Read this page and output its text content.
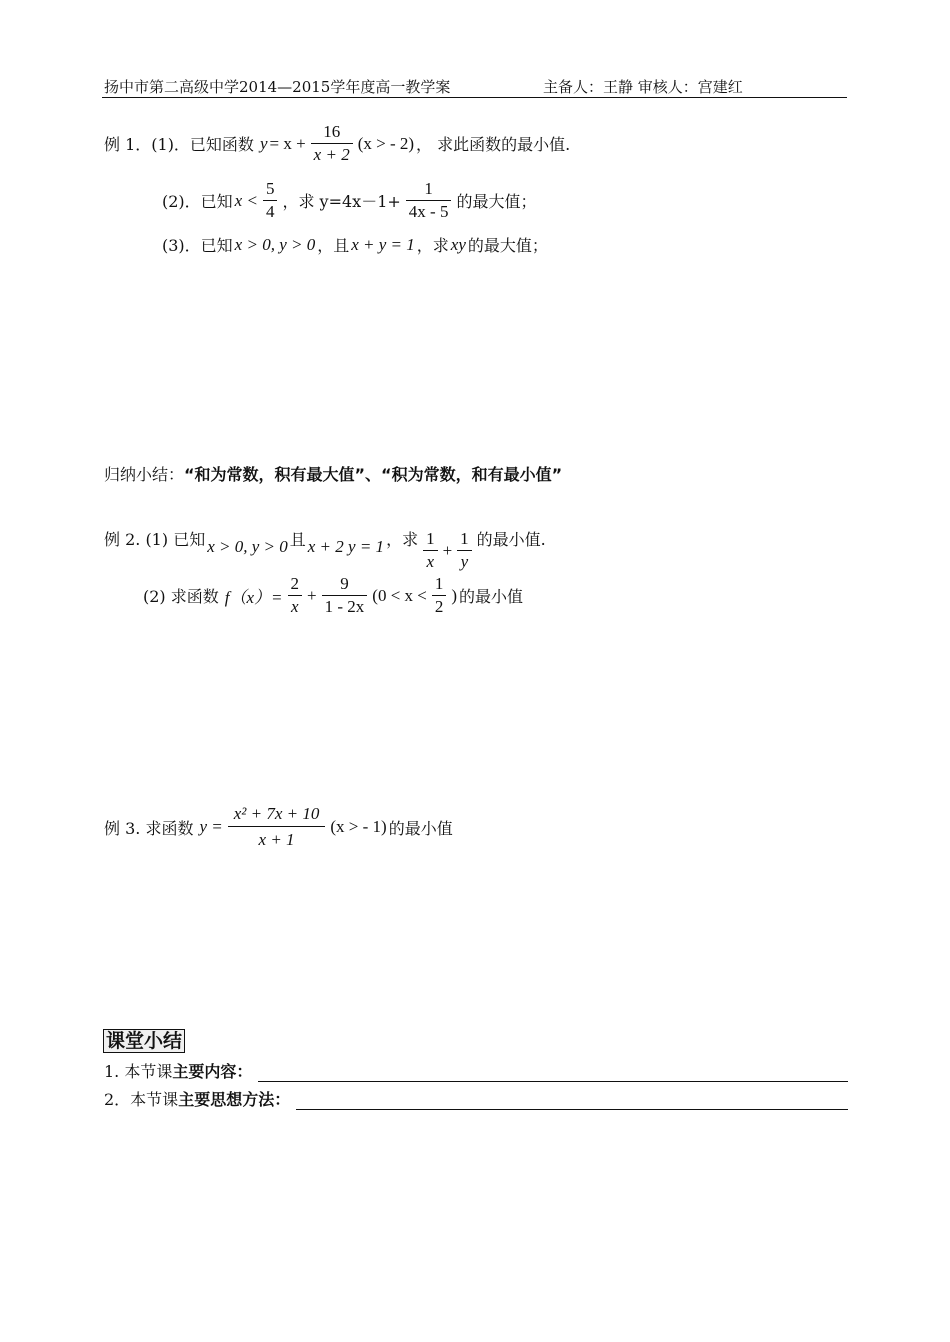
扬中市第二高级中学2014—2015学年度高一教学案	主备人：王静 审核人：宫建红
例 1．(1)．已知函数 $y = x + \frac{16}{x + 2} (x$ > - 2) ， 求此函数的最小值.
(2)．已知 $x < \frac{5}{4}$ ，求 $y=4x-1+ \frac{1}{4x - 5}$ 的最大值；
(3)．已知 x > 0, y > 0 ，且 x + y = 1 ，求 xy 的最大值；
归纳小结：“和为常数，积有最大值”、“积为常数，和有最小值”
例 2. (1) 已知 x > 0, y > 0 且 x + 2 y = 1 ，求 $\frac{1}{x} + \frac{1}{y}$ 的最小值.
(2) 求函数 $f(x)= \frac{2}{x} + \frac{9}{1 - 2x} (0 < x < \frac{1}{2}$ ) 的最小值
例 3. 求函数 $y = \frac{\text{x² + 7x + 10}}{x + 1} (x$ > - 1) 的最小值
课堂小结
1. 本节课 主要内容：
2．本节课 主要思想方法：
